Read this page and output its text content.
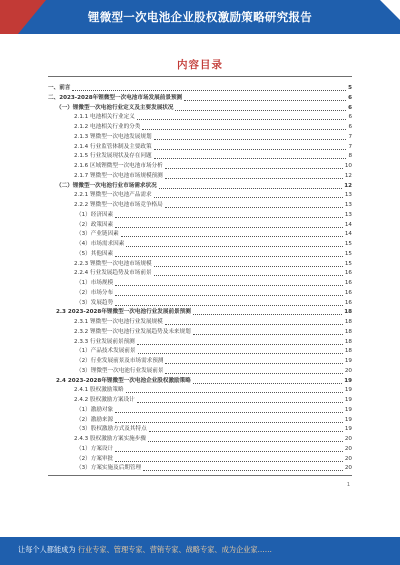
锂微型一次电池企业股权激励策略研究报告
内容目录
一、前言	5
二、2023-2028年锂微型一次电池市场发展前景预测	6
（一）锂微型一次电池行业定义及主要发展状况	6
2.1.1 电池相关行业定义	6
2.1.2 电池相关行业的分类	6
2.1.3 锂微型一次电池发展规划	7
2.1.4 行业监管体制及主要政策	7
2.1.5 行业发展现状及存在问题	8
2.1.6 区域锂微型一次电池市场分析	10
2.1.7 锂微型一次电池市场规模预测	12
（二）锂微型一次电池行业市场需求状况	12
2.2.1 锂微型一次电池产品需求	13
2.2.2 锂微型一次电池市场竞争格局	13
（1）经济因素	13
（2）政策因素	14
（3）产业链因素	14
（4）市场需求因素	15
（5）其他因素	15
2.2.3 锂微型一次电池市场规模	15
2.2.4 行业发展趋势及市场前景	16
（1）市场规模	16
（2）市场分布	16
（3）发展趋势	16
2.3 2023-2028年锂微型一次电池行业发展前景预测	18
2.3.1 锂微型一次电池行业发展规模	18
2.3.2 锂微型一次电池行业发展趋势及未来规划	18
2.3.3 行业发展前景预测	18
（1）产品技术发展前景	18
（2）行业发展前景及市场需求预测	19
（3）锂微型一次电池行业发展前景	20
2.4 2023-2028年锂微型一次电池企业股权激励策略	19
2.4.1 股权激励策略	19
2.4.2 股权激励方案设计	19
（1）激励对象	19
（2）激励来源	19
（3）股权激励方式及其特点	19
2.4.3 股权激励方案实施步骤	20
（1）方案设计	20
（2）方案审批	20
（3）方案实施及后期管理	20
1
让每个人都能成为 行业专家、管理专家、营销专家、战略专家、成为企业家……
